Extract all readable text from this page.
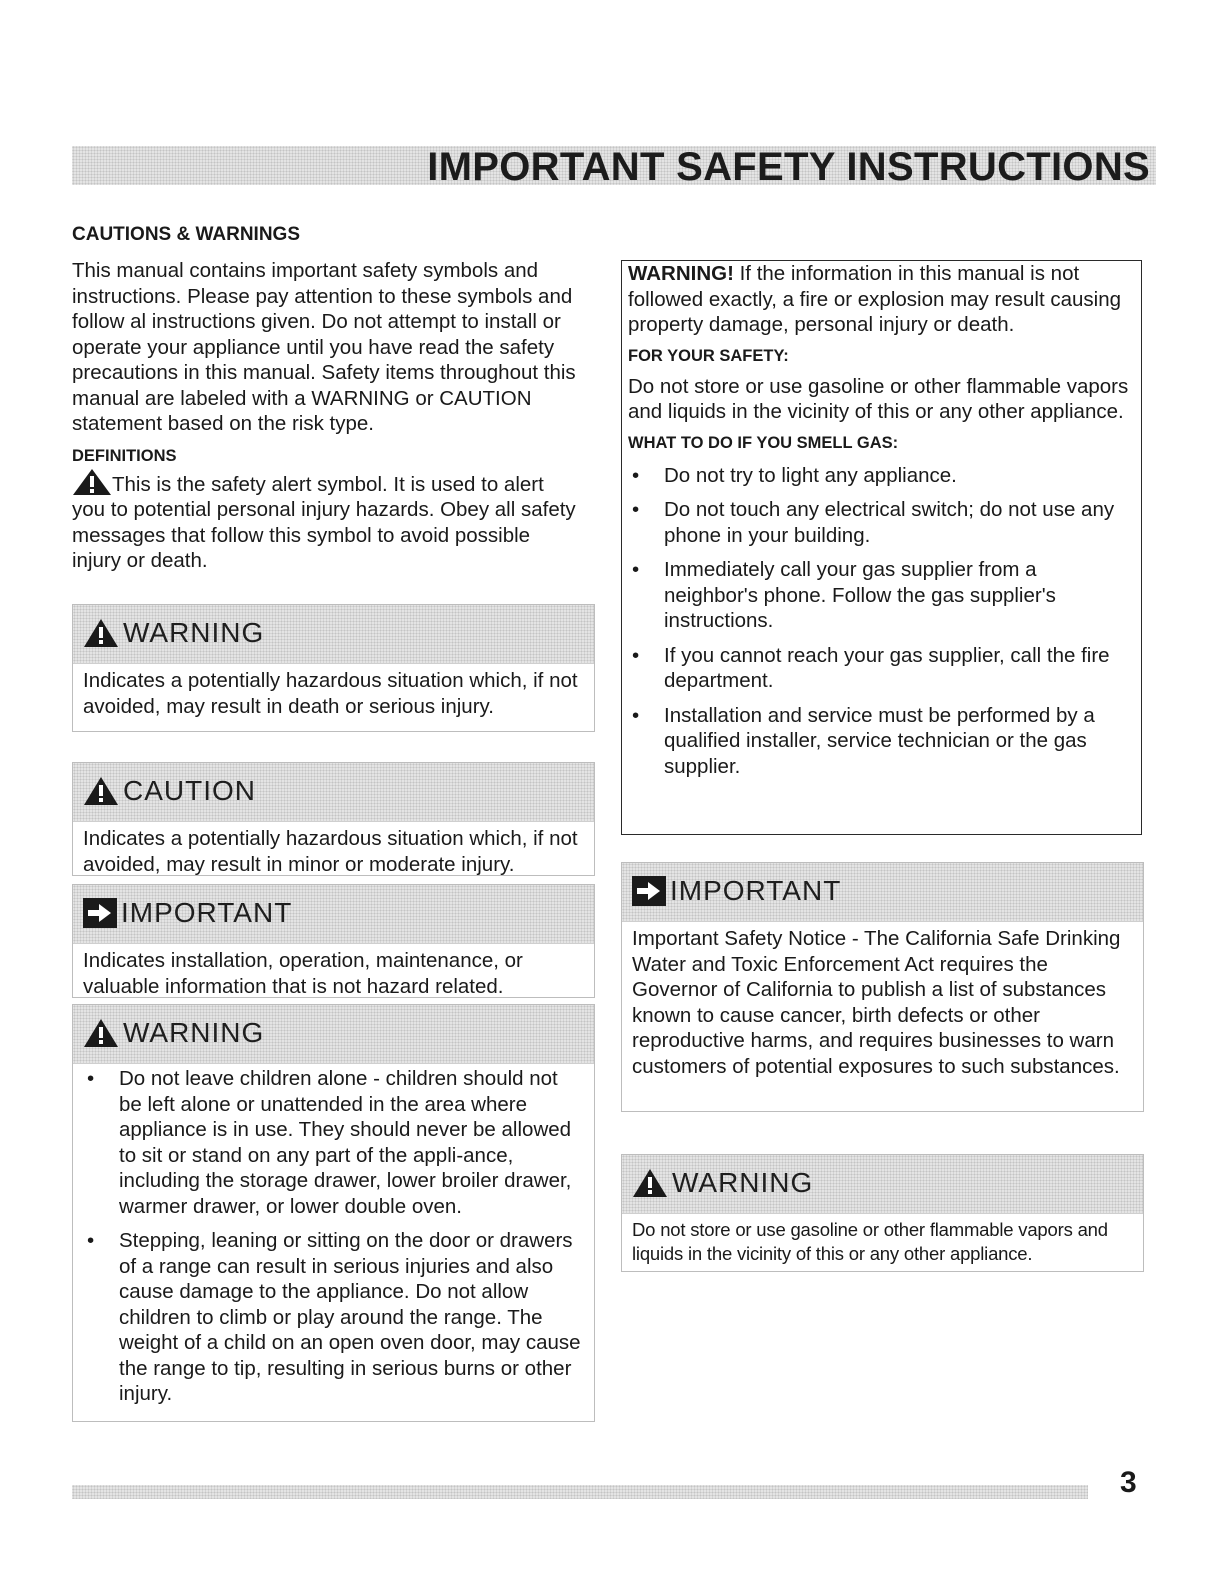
IMPORTANT SAFETY INSTRUCTIONS

CAUTIONS & WARNINGS

This manual contains important safety symbols and instructions. Please pay attention to these symbols and follow al instructions given. Do not attempt to install or operate your appliance until you have read the safety precautions in this manual. Safety items throughout this manual are labeled with a WARNING or CAUTION statement based on the risk type.

DEFINITIONS

This is the safety alert symbol. It is used to alert you to potential personal injury hazards. Obey all safety messages that follow this symbol to avoid possible injury or death.

WARNING
Indicates a potentially hazardous situation which, if not avoided, may result in death or serious injury.
CAUTION
Indicates a potentially hazardous situation which, if not avoided, may result in minor or moderate injury.
IMPORTANT
Indicates installation, operation, maintenance, or valuable information that is not hazard related.
WARNING
• Do not leave children alone - children should not be left alone or unattended in the area where appliance is in use. They should never be allowed to sit or stand on any part of the appli-ance, including the storage drawer, lower broiler drawer, warmer drawer, or lower double oven.
• Stepping, leaning or sitting on the door or drawers of a range can result in serious injuries and also cause damage to the appliance. Do not allow children to climb or play around the range. The weight of a child on an open oven door, may cause the range to tip, resulting in serious burns or other injury.

WARNING! If the information in this manual is not followed exactly, a fire or explosion may result causing property damage, personal injury or death.

FOR YOUR SAFETY:

Do not store or use gasoline or other flammable vapors and liquids in the vicinity of this or any other appliance.

WHAT TO DO IF YOU SMELL GAS:

• Do not try to light any appliance.
• Do not touch any electrical switch; do not use any phone in your building.
• Immediately call your gas supplier from a neighbor's phone. Follow the gas supplier's instructions.
• If you cannot reach your gas supplier, call the fire department.
• Installation and service must be performed by a qualified installer, service technician or the gas supplier.
IMPORTANT
Important Safety Notice - The California Safe Drinking Water and Toxic Enforcement Act requires the Governor of California to publish a list of substances known to cause cancer, birth defects or other reproductive harms, and requires businesses to warn customers of potential exposures to such substances.
WARNING
Do not store or use gasoline or other flammable vapors and liquids in the vicinity of this or any other appliance.
3
